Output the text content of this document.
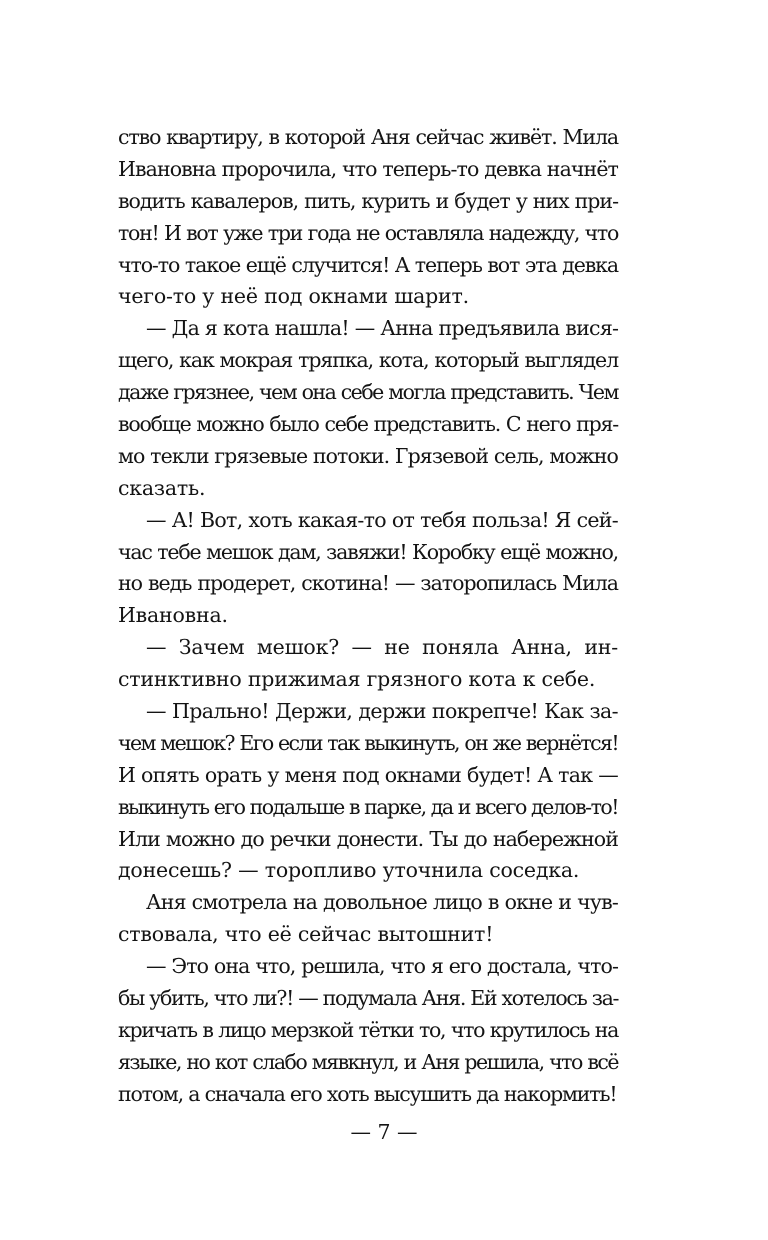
ство квартиру, в которой Аня сейчас живёт. Мила
Ивановна пророчила, что теперь-то девка начнёт
водить кавалеров, пить, курить и будет у них при-
тон! И вот уже три года не оставляла надежду, что
что-то такое ещё случится! А теперь вот эта девка
чего-то у неё под окнами шарит.
— Да я кота нашла! — Анна предъявила вися-
щего, как мокрая тряпка, кота, который выглядел
даже грязнее, чем она себе могла представить. Чем
вообще можно было себе представить. С него пря-
мо текли грязевые потоки. Грязевой сель, можно
сказать.
— А! Вот, хоть какая-то от тебя польза! Я сей-
час тебе мешок дам, завяжи! Коробку ещё можно,
но ведь продерет, скотина! — заторопилась Мила
Ивановна.
— Зачем мешок? — не поняла Анна, ин-
стинктивно прижимая грязного кота к себе.
— Прально! Держи, держи покрепче! Как за-
чем мешок? Его если так выкинуть, он же вернётся!
И опять орать у меня под окнами будет! А так —
выкинуть его подальше в парке, да и всего делов-то!
Или можно до речки донести. Ты до набережной
донесешь? — торопливо уточнила соседка.
Аня смотрела на довольное лицо в окне и чув-
ствовала, что её сейчас вытошнит!
— Это она что, решила, что я его достала, что-
бы убить, что ли?! — подумала Аня. Ей хотелось за-
кричать в лицо мерзкой тётки то, что крутилось на
языке, но кот слабо мявкнул, и Аня решила, что всё
потом, а сначала его хоть высушить да накормить!
— 7 —
